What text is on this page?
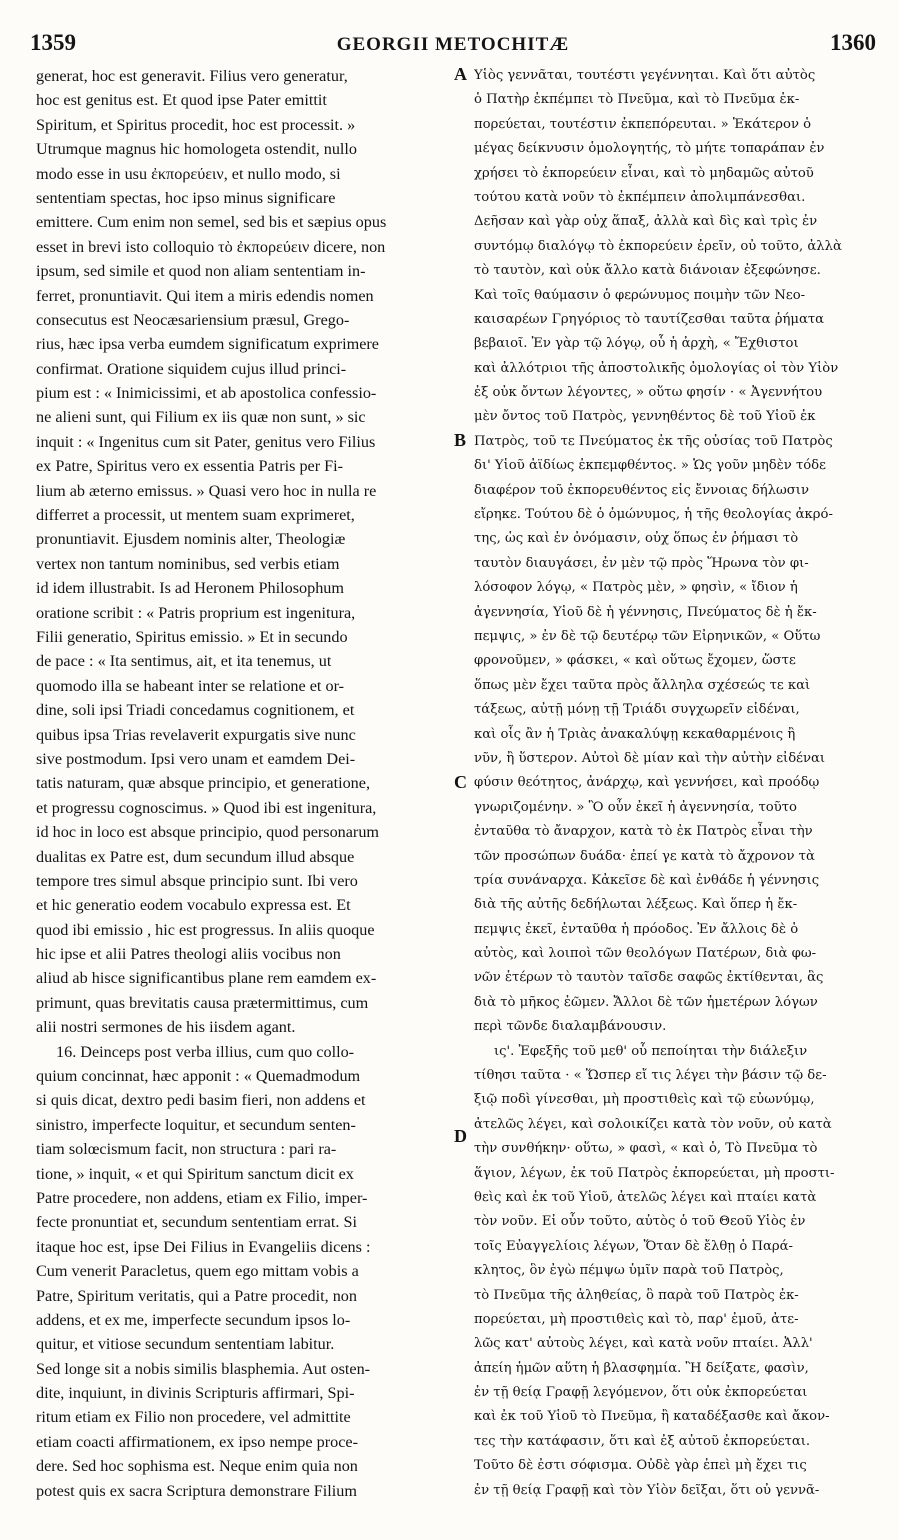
1359	GEORGII METOCHITÆ	1360
generat, hoc est generavit. Filius vero generatur,
hoc est genitus est. Et quod ipse Pater emittit
Spiritum, et Spiritus procedit, hoc est processit. »
Utrumque magnus hic homologeta ostendit, nullo
modo esse in usu ἐκπορεύειν, et nullo modo, si
sententiam spectas, hoc ipso minus significare
emittere. Cum enim non semel, sed bis et sæpius opus
esset in brevi isto colloquio τὸ ἐκπορεύειν dicere, non
ipsum, sed simile et quod non aliam sententiam in-
ferret, pronuntiavit. Qui item a miris edendis nomen
consecutus est Neocæsariensium præsul, Grego-
rius, hæc ipsa verba eumdem significatum exprimere
confirmat. Oratione siquidem cujus illud princi-
pium est : « Inimicissimi, et ab apostolica confessio-
ne alieni sunt, qui Filium ex iis quæ non sunt, » sic
inquit : « Ingenitus cum sit Pater, genitus vero Filius
ex Patre, Spiritus vero ex essentia Patris per Fi-
lium ab æterno emissus. » Quasi vero hoc in nulla re
differret a processit, ut mentem suam exprimeret,
pronuntiavit. Ejusdem nominis alter, Theologiæ
vertex non tantum nominibus, sed verbis etiam
id idem illustrabit. Is ad Heronem Philosophum
oratione scribit : « Patris proprium est ingenitura,
Filii generatio, Spiritus emissio. » Et in secundo
de pace : « Ita sentimus, ait, et ita tenemus, ut
quomodo illa se habeant inter se relatione et or-
dine, soli ipsi Triadi concedamus cognitionem, et
quibus ipsa Trias revelaverit expurgatis sive nunc
sive postmodum. Ipsi vero unam et eamdem Dei-
tatis naturam, quæ absque principio, et generatione,
et progressu cognoscimus. » Quod ibi est ingenitura,
id hoc in loco est absque principio, quod personarum
dualitas ex Patre est, dum secundum illud absque
tempore tres simul absque principio sunt. Ibi vero
et hic generatio eodem vocabulo expressa est. Et
quod ibi emissio , hic est progressus. In aliis quoque
hic ipse et alii Patres theologi aliis vocibus non
aliud ab hisce significantibus plane rem eamdem ex-
primunt, quas brevitatis causa prætermittimus, cum
alii nostri sermones de his iisdem agant.
16. Deinceps post verba illius, cum quo collo-
quium concinnat, hæc apponit : « Quemadmodum
si quis dicat, dextro pedi basim fieri, non addens et
sinistro, imperfecte loquitur, et secundum senten-
tiam solœcismum facit, non structura : pari ra-
tione, » inquit, « et qui Spiritum sanctum dicit ex
Patre procedere, non addens, etiam ex Filio, imper-
fecte pronuntiat et, secundum sententiam errat. Si
itaque hoc est, ipse Dei Filius in Evangeliis dicens :
Cum venerit Paracletus, quem ego mittam vobis a
Patre, Spiritum veritatis, qui a Patre procedit, non
addens, et ex me, imperfecte secundum ipsos lo-
quitur, et vitiose secundum sententiam labitur.
Sed longe sit a nobis similis blasphemia. Aut osten-
dite, inquiunt, in divinis Scripturis affirmari, Spi-
ritum etiam ex Filio non procedere, vel admittite
etiam coacti affirmationem, ex ipso nempe proce-
dere. Sed hoc sophisma est. Neque enim quia non
potest quis ex sacra Scriptura demonstrare Filium
A
B
C
D
Υἱὸς γεννᾶται, τουτέστι γεγέννηται. Καὶ ὅτι αὐτὸς
ὁ Πατὴρ ἐκπέμπει τὸ Πνεῦμα, καὶ τὸ Πνεῦμα ἐκ-
πορεύεται, τουτέστιν ἐκπεπόρευται. » Ἑκάτερον ὁ
μέγας δείκνυσιν ὁμολογητής, τὸ μήτε τοπαράπαν ἐν
χρήσει τὸ ἐκπορεύειν εἶναι, καὶ τὸ μηδαμῶς αὐτοῦ
τούτου κατὰ νοῦν τὸ ἐκπέμπειν ἀπολιμπάνεσθαι.
Δεῆσαν καὶ γὰρ οὐχ ἅπαξ, ἀλλὰ καὶ δὶς καὶ τρὶς ἐν
συντόμῳ διαλόγῳ τὸ ἐκπορεύειν ἐρεῖν, οὐ τοῦτο, ἀλλὰ
τὸ ταυτὸν, καὶ οὐκ ἄλλο κατὰ διάνοιαν ἐξεφώνησε.
Καὶ τοῖς θαύμασιν ὁ φερώνυμος ποιμὴν τῶν Νεο-
καισαρέων Γρηγόριος τὸ ταυτίζεσθαι ταῦτα ῥήματα
βεβαιοῖ. Ἐν γὰρ τῷ λόγῳ, οὗ ἡ ἀρχὴ, « Ἔχθιστοι
καὶ ἀλλότριοι τῆς ἀποστολικῆς ὁμολογίας οἱ τὸν Υἱὸν
ἐξ οὐκ ὄντων λέγοντες, » οὕτω φησίν · « Ἀγεννήτου
μὲν ὄντος τοῦ Πατρὸς, γεννηθέντος δὲ τοῦ Υἱοῦ ἐκ
Πατρὸς, τοῦ τε Πνεύματος ἐκ τῆς οὐσίας τοῦ Πατρὸς
δι' Υἱοῦ ἀϊδίως ἐκπεμφθέντος. » Ὡς γοῦν μηδὲν τόδε
διαφέρον τοῦ ἐκπορευθέντος εἰς ἔννοιας δήλωσιν
εἴρηκε. Τούτου δὲ ὁ ὁμώνυμος, ἡ τῆς θεολογίας ἀκρό-
της, ὡς καὶ ἐν ὀνόμασιν, οὐχ ὅπως ἐν ῥήμασι τὸ
ταυτὸν διαυγάσει, ἐν μὲν τῷ πρὸς Ἥρωνα τὸν φι-
λόσοφον λόγῳ, « Πατρὸς μὲν, » φησὶν, « ἴδιον ἡ
ἀγεννησία, Υἱοῦ δὲ ἡ γέννησις, Πνεύματος δὲ ἡ ἔκ-
πεμψις, » ἐν δὲ τῷ δευτέρῳ τῶν Εἰρηνικῶν, « Οὕτω
φρονοῦμεν, » φάσκει, « καὶ οὕτως ἔχομεν, ὥστε
ὅπως μὲν ἔχει ταῦτα πρὸς ἄλληλα σχέσεώς τε καὶ
τάξεως, αὐτῇ μόνῃ τῇ Τριάδι συγχωρεῖν εἰδέναι,
καὶ οἷς ἂν ἡ Τριὰς ἀνακαλύψῃ κεκαθαρμένοις ἢ
νῦν, ἢ ὕστερον. Αὐτοὶ δὲ μίαν καὶ τὴν αὐτὴν εἰδέναι
φύσιν θεότητος, ἀνάρχῳ, καὶ γεννήσει, καὶ προόδῳ
γνωριζομένην. » Ὃ οὖν ἐκεῖ ἡ ἀγεννησία, τοῦτο
ἐνταῦθα τὸ ἄναρχον, κατὰ τὸ ἐκ Πατρὸς εἶναι τὴν
τῶν προσώπων δυάδα· ἐπεί γε κατὰ τὸ ἄχρονον τὰ
τρία συνάναρχα. Κἀκεῖσε δὲ καὶ ἐνθάδε ἡ γέννησις
διὰ τῆς αὐτῆς δεδήλωται λέξεως. Καὶ ὅπερ ἡ ἔκ-
πεμψις ἐκεῖ, ἐνταῦθα ἡ πρόοδος. Ἐν ἄλλοις δὲ ὁ
αὐτὸς, καὶ λοιποὶ τῶν θεολόγων Πατέρων, διὰ φω-
νῶν ἑτέρων τὸ ταυτὸν ταῖσδε σαφῶς ἐκτίθενται, ἃς
διὰ τὸ μῆκος ἐῶμεν. Ἄλλοι δὲ τῶν ἡμετέρων λόγων
περὶ τῶνδε διαλαμβάνουσιν.
ις'. Ἐφεξῆς τοῦ μεθ' οὗ πεποίηται τὴν διάλεξιν
τίθησι ταῦτα · « Ὥσπερ εἴ τις λέγει τὴν βάσιν τῷ δε-
ξιῷ ποδὶ γίνεσθαι, μὴ προστιθεὶς καὶ τῷ εὐωνύμῳ,
ἀτελῶς λέγει, καὶ σολοικίζει κατὰ τὸν νοῦν, οὐ κατὰ
τὴν συνθήκην· οὕτω, » φασὶ, « καὶ ὁ, Τὸ Πνεῦμα τὸ
ἅγιον, λέγων, ἐκ τοῦ Πατρὸς ἐκπορεύεται, μὴ προστι-
θεὶς καὶ ἐκ τοῦ Υἱοῦ, ἀτελῶς λέγει καὶ πταίει κατὰ
τὸν νοῦν. Εἰ οὖν τοῦτο, αὐτὸς ὁ τοῦ Θεοῦ Υἱὸς ἐν
τοῖς Εὐαγγελίοις λέγων, Ὅταν δὲ ἔλθῃ ὁ Παρά-
κλητος, ὃν ἐγὼ πέμψω ὑμῖν παρὰ τοῦ Πατρὸς,
τὸ Πνεῦμα τῆς ἀληθείας, ὃ παρὰ τοῦ Πατρὸς ἐκ-
πορεύεται, μὴ προστιθεὶς καὶ τὸ, παρ' ἐμοῦ, ἀτε-
λῶς κατ' αὐτοὺς λέγει, καὶ κατὰ νοῦν πταίει. Ἀλλ'
ἀπείη ἡμῶν αὕτη ἡ βλασφημία. Ἢ δείξατε, φασὶν,
ἐν τῇ θείᾳ Γραφῇ λεγόμενον, ὅτι οὐκ ἐκπορεύεται
καὶ ἐκ τοῦ Υἱοῦ τὸ Πνεῦμα, ἢ καταδέξασθε καὶ ἄκον-
τες τὴν κατάφασιν, ὅτι καὶ ἐξ αὐτοῦ ἐκπορεύεται.
Τοῦτο δὲ ἐστι σόφισμα. Οὐδὲ γὰρ ἐπεὶ μὴ ἔχει τις
ἐν τῇ θείᾳ Γραφῇ καὶ τὸν Υἱὸν δεῖξαι, ὅτι οὐ γεννᾶ-
